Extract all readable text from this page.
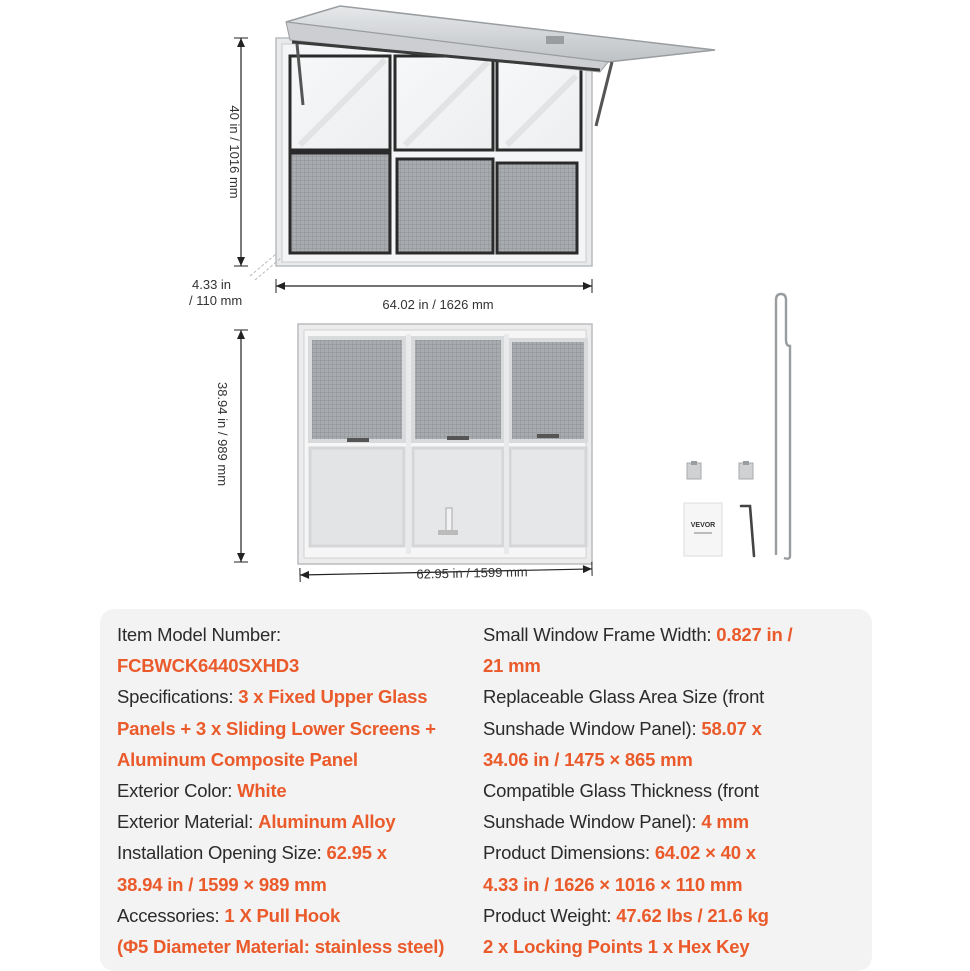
40 in / 1016 mm
4.33 in
/ 110 mm	64.02 in / 1626 mm
38.94 in / 989 mm
62.95 in / 1599 mm
VEVOR
Item Model Number:
FCBWCK6440SXHD3
Specifications: 3 x Fixed Upper Glass
Panels + 3 x Sliding Lower Screens +
Aluminum Composite Panel
Exterior Color: White
Exterior Material: Aluminum Alloy
Installation Opening Size: 62.95 x
38.94 in / 1599 × 989 mm
Accessories: 1 X Pull Hook
(Φ5 Diameter Material: stainless steel)
Small Window Frame Width: 0.827 in /
21 mm
Replaceable Glass Area Size (front
Sunshade Window Panel): 58.07 x
34.06 in / 1475 × 865 mm
Compatible Glass Thickness (front
Sunshade Window Panel): 4 mm
Product Dimensions: 64.02 × 40 x
4.33 in / 1626 × 1016 × 110 mm
Product Weight: 47.62 lbs / 21.6 kg
2 x Locking Points 1 x Hex Key
